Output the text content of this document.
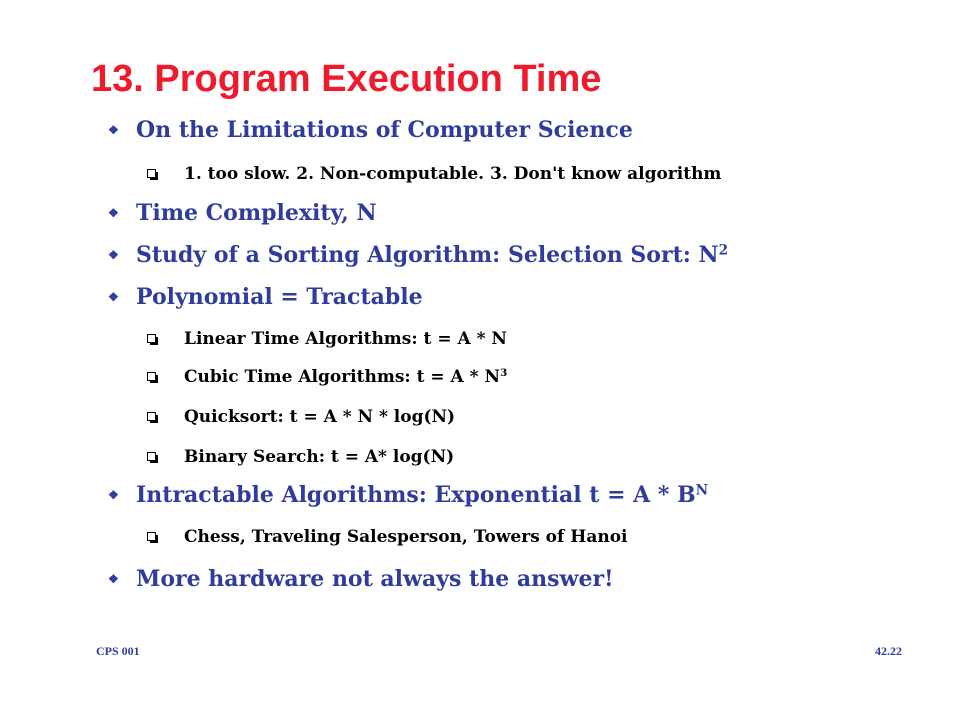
13. Program Execution Time
❖ On the Limitations of Computer Science
1. too slow. 2. Non-computable. 3. Don't know algorithm
❖ Time Complexity, N
❖ Study of a Sorting Algorithm: Selection Sort: $N^2$
❖ Polynomial = Tractable
Linear Time Algorithms: t = A * N
Cubic Time Algorithms: $t = A * N^3$
Quicksort: t = A * N * log(N)
Binary Search: t = A* log(N)
❖ Intractable Algorithms: Exponential $t = A * B^N$
Chess, Traveling Salesperson, Towers of Hanoi
❖ More hardware not always the answer!
CPS 001	42.22
